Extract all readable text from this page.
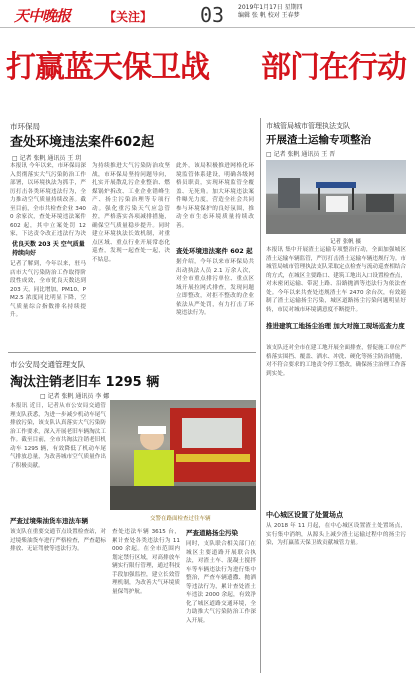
天中晚报	【关注】 03 2019年1月17日 星期四
编辑 张 帆 校对 王春梦
打赢蓝天保卫战 部门在行动
市环保局
查处环境违法案件602起
□ 记者 张帆 通讯员 王 玥
本报讯 今年以来，市环保局深入贯彻落实大气污染防治工作部署，以环境执法为抓手，严厉打击各类环境违法行为，全力推动空气质量持续改善。截至目前，全市共检查企业 3400 余家次，查处环境违法案件 602 起，其中立案处罚 12 家，下达责令改正违法行为决
优良天数 203 天 空气质量持续向好
记者了解到，今年以来，驻马店市大气污染防治工作取得阶段性成效，全市优良天数达到 203 天，同比增加，PM10、PM2.5 浓度同比明显下降，空气质量综合指数排名持续提升。
为持续推进大气污染防治攻坚战，市环保局坚持问题导向，扎实开展散乱污企业整治、燃煤锅炉拆改、工业企业错峰生产、扬尘污染治理等专项行动。强化重污染天气应急管控，严格落实各项减排措施，确保空气质量稳步提升。同时建立环境执法长效机制，对重点区域、重点行业开展常态化巡查，发现一起查处一起，决不姑息。
此外，该局积极推进网格化环境监管体系建设，明确各级网格员职责，实现环境监管全覆盖、无死角。加大环境违法案件曝光力度，营造全社会共同参与环境保护的良好氛围，推动全市生态环境质量持续改善。
查处环境违法案件 602 起
据介绍，今年以来市环保局共出动执法人员 2.1 万余人次，对全市重点排污单位、重点区域开展拉网式排查，发现问题立即整改，对拒不整改的企业依法从严处罚，有力打击了环境违法行为。
市城管局城市管理执法支队
开展渣土运输专项整治
□ 记者 张帆 通讯员 王 晋
记者 张帆 摄
本报讯 集中开展渣土运输专项整治行动，全面加强城区渣土运输车辆监管，严厉打击渣土运输车辆违规行为。市城管局城市管理执法支队采取定点检查与流动巡查相结合的方式，在城区主要路口、建筑工地出入口设置检查点，对未密闭运输、带泥上路、沿路抛洒等违法行为依法查处。今年以来共查处违规渣土车 2470 余台次，有效遏制了渣土运输扬尘污染，城区道路扬尘污染问题明显好转，市民对城市环境满意度不断提升。
推进建筑工地扬尘治理 加大对施工现场巡查力度
该支队还对全市在建工地开展全面排查，督促施工单位严格落实围挡、覆盖、洒水、冲洗、硬化等扬尘防治措施，对不符合要求的工地责令停工整改，确保扬尘治理工作落到实处。
中心城区设置了处置场点
从 2018 年 11 月起，在中心城区设置渣土处置场点，实行集中消纳，从源头上减少渣土运输过程中的扬尘污染，为打赢蓝天保卫战贡献城管力量。
市公安局交通管理支队
淘汰注销老旧车 1295 辆
□ 记者 张帆 通讯员 李 娜
本报讯 近日，记者从市公安局交通管理支队获悉，为进一步减少机动车尾气排放污染，该支队认真落实大气污染防治工作要求，深入开展老旧车辆淘汰工作。截至目前，全市共淘汰注销老旧机动车 1295 辆，有效降低了机动车尾气排放总量，为改善城市空气质量作出了积极贡献。
严查过境柴油货车违法车辆
该支队在重要交通节点设置检查站，对过境柴油货车进行严格检查，严查超标排放、无证驾驶等违法行为。
交警在路面检查过往车辆
查处违法车辆 3615 台，累计查处各类违法行为 11000 余起。在全市范围内划定禁行区域，对高排放车辆实行限行管理，通过科技手段加强监控，建立长效管理机制，为改善大气环境质量保驾护航。
严查道路扬尘污染
同时，支队联合相关部门在城区主要道路开展联合执法，对渣土车、混凝土搅拌车等车辆违法行为进行集中整治，严查车辆遗撒、抛洒等违法行为，累计查处渣土车违法 2000 余起，有效净化了城区道路交通环境，全力助推大气污染防治工作深入开展。
